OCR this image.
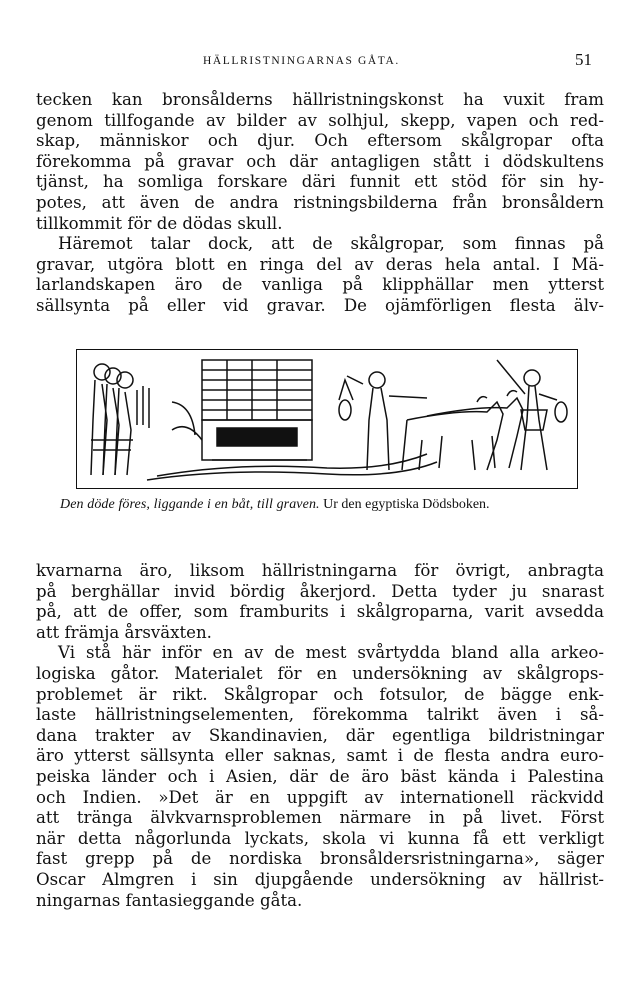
HÄLLRISTNINGARNAS GÅTA.	51
tecken kan bronsålderns hällristningskonst ha vuxit fram
genom tillfogande av bilder av solhjul, skepp, vapen och red-
skap, människor och djur. Och eftersom skålgropar ofta
förekomma på gravar och där antagligen stått i dödskultens
tjänst, ha somliga forskare däri funnit ett stöd för sin hy-
potes, att även de andra ristningsbilderna från bronsåldern
tillkommit för de dödas skull.
Häremot talar dock, att de skålgropar, som finnas på
gravar, utgöra blott en ringa del av deras hela antal. I Mä-
larlandskapen äro de vanliga på klipphällar men ytterst
sällsynta på eller vid gravar. De ojämförligen flesta älv-
Den döde föres, liggande i en båt, till graven. Ur den egyptiska Dödsboken.
kvarnarna äro, liksom hällristningarna för övrigt, anbragta
på berghällar invid bördig åkerjord. Detta tyder ju snarast
på, att de offer, som framburits i skålgroparna, varit avsedda
att främja årsväxten.
Vi stå här inför en av de mest svårtydda bland alla arkeo-
logiska gåtor. Materialet för en undersökning av skålgrops-
problemet är rikt. Skålgropar och fotsulor, de bägge enk-
laste hällristningselementen, förekomma talrikt även i så-
dana trakter av Skandinavien, där egentliga bildristningar
äro ytterst sällsynta eller saknas, samt i de flesta andra euro-
peiska länder och i Asien, där de äro bäst kända i Palestina
och Indien. »Det är en uppgift av internationell räckvidd
att tränga älvkvarnsproblemen närmare in på livet. Först
när detta någorlunda lyckats, skola vi kunna få ett verkligt
fast grepp på de nordiska bronsåldersristningarna», säger
Oscar Almgren i sin djupgående undersökning av hällrist-
ningarnas fantasieggande gåta.
